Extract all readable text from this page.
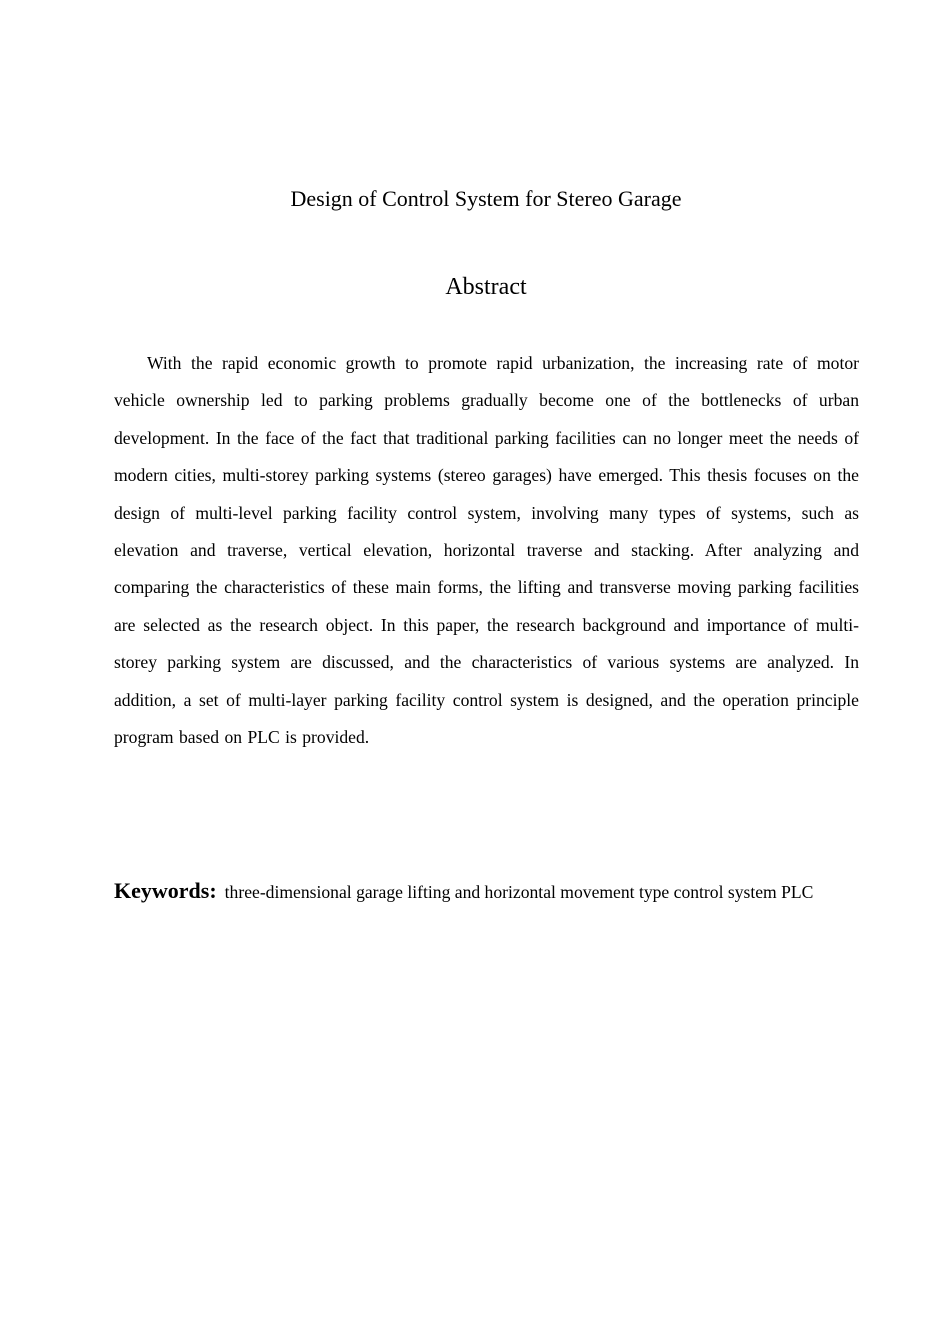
Design of Control System for Stereo Garage
Abstract

With the rapid economic growth to promote rapid urbanization, the increasing rate of motor vehicle ownership led to parking problems gradually become one of the bottlenecks of urban development. In the face of the fact that traditional parking facilities can no longer meet the needs of modern cities, multi-storey parking systems (stereo garages) have emerged. This thesis focuses on the design of multi-level parking facility control system, involving many types of systems, such as elevation and traverse, vertical elevation, horizontal traverse and stacking. After analyzing and comparing the characteristics of these main forms, the lifting and transverse moving parking facilities are selected as the research object. In this paper, the research background and importance of multi-storey parking system are discussed, and the characteristics of various systems are analyzed. In addition, a set of multi-layer parking facility control system is designed, and the operation principle program based on PLC is provided.

Keywords: three-dimensional garage lifting and horizontal movement type control system PLC
